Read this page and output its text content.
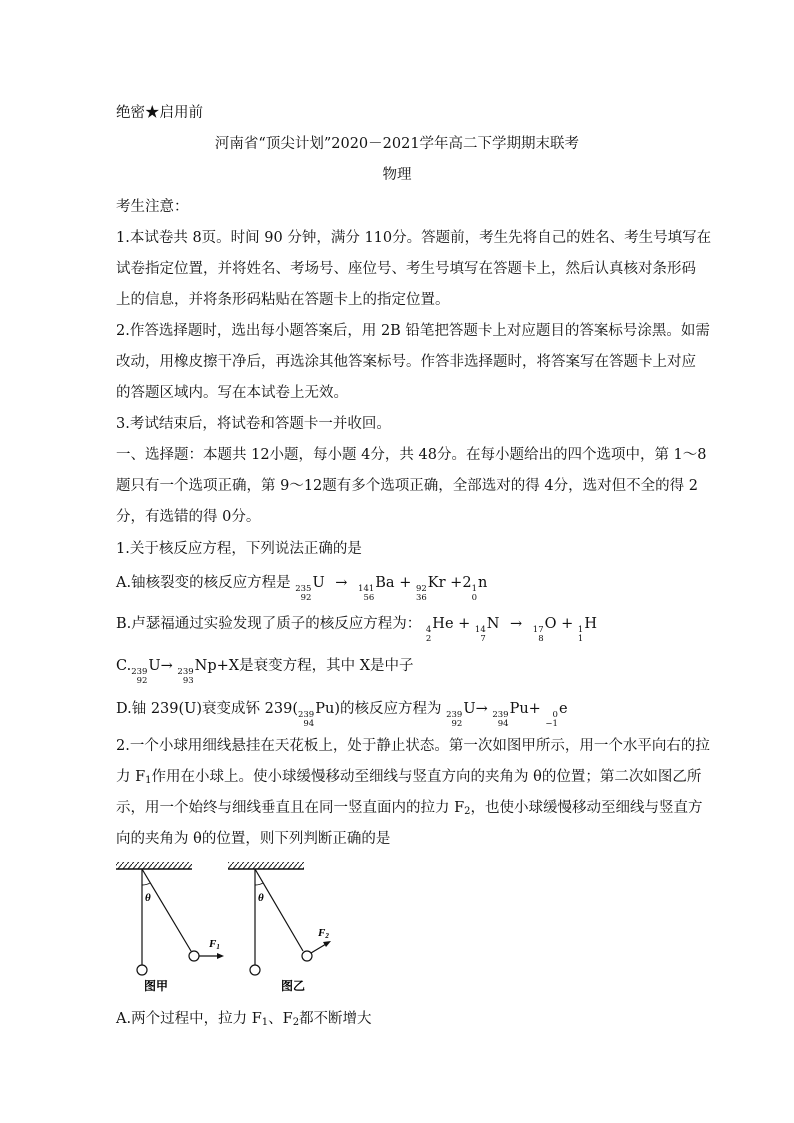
绝密★启用前
河南省“顶尖计划”2020－2021学年高二下学期期末联考
物理
考生注意：
1.本试卷共 8页。时间 90 分钟，满分 110分。答题前，考生先将自己的姓名、考生号填写在
试卷指定位置，并将姓名、考场号、座位号、考生号填写在答题卡上，然后认真核对条形码
上的信息，并将条形码粘贴在答题卡上的指定位置。
2.作答选择题时，选出每小题答案后，用 2B 铅笔把答题卡上对应题目的答案标号涂黑。如需
改动，用橡皮擦干净后，再选涂其他答案标号。作答非选择题时，将答案写在答题卡上对应
的答题区域内。写在本试卷上无效。
3.考试结束后，将试卷和答题卡一并收回。
一、选择题：本题共 12小题，每小题 4分，共 48分。在每小题给出的四个选项中，第 1～8
题只有一个选项正确，第 9～12题有多个选项正确，全部选对的得 4分，选对但不全的得 2
分，有选错的得 0分。
1.关于核反应方程，下列说法正确的是
A.铀核裂变的核反应方程是 235
92
U → 141
56
Ba + 92
36
Kr +2 1
0
n
B.卢瑟福通过实验发现了质子的核反应方程为： 4
2
He + 14
7
N → 17
8
O + 1
1
H
C. 239
92
U→ 239
93
Np+X是衰变方程，其中 X是中子
D.铀 239(U)衰变成钚 239( 239
94
Pu)的核反应方程为 239
92
U→ 239
94
Pu+ 0
−1
e
2.一个小球用细线悬挂在天花板上，处于静止状态。第一次如图甲所示，用一个水平向右的拉
力 $F_1$作用在小球上。使小球缓慢移动至细线与竖直方向的夹角为 θ的位置；第二次如图乙所
示，用一个始终与细线垂直且在同一竖直面内的拉力 $F_2$，也使小球缓慢移动至细线与竖直方
向的夹角为 θ的位置，则下列判断正确的是
θ
F1
图甲
θ
F2
图乙
A.两个过程中，拉力 $F_1$、$F_2$都不断增大
